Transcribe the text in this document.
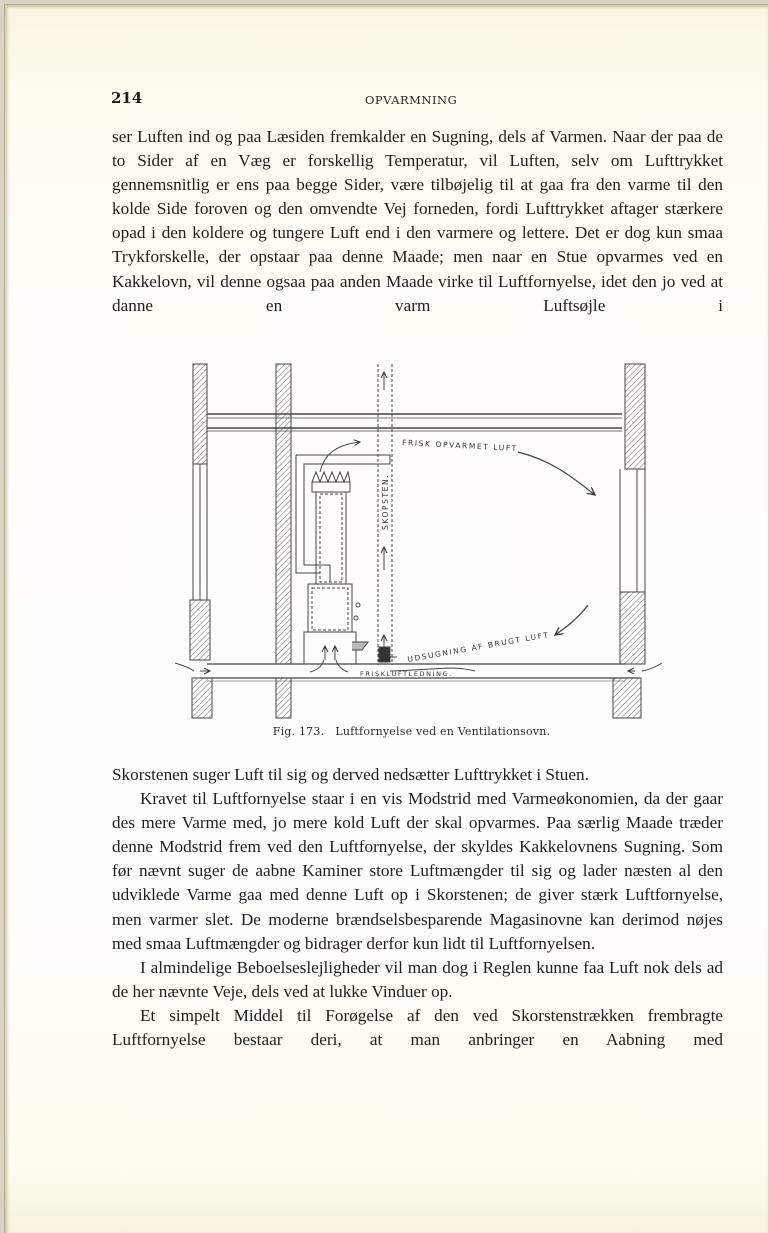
214	OPVARMNING

ser Luften ind og paa Læsiden fremkalder en Sugning, dels af Varmen. Naar der paa de to Sider af en Væg er forskellig Temperatur, vil Luften, selv om Lufttrykket gennemsnitlig er ens paa begge Sider, være tilbøjelig til at gaa fra den varme til den kolde Side foroven og den omvendte Vej forneden, fordi Lufttrykket aftager stærkere opad i den koldere og tungere Luft end i den varmere og lettere. Det er dog kun smaa Trykforskelle, der opstaar paa denne Maade; men naar en Stue opvarmes ved en Kakkelovn, vil denne ogsaa paa anden Maade virke til Luftfornyelse, idet den jo ved at danne en varm Luftsøjle i

FRISK OPVARMET LUFT
SKOPSTEN.
UDSUGNING AF BRUGT LUFT
FRISKLUFTLEDNING.
Fig. 173. Luftfornyelse ved en Ventilationsovn.

Skorstenen suger Luft til sig og derved nedsætter Lufttrykket i Stuen.

Kravet til Luftfornyelse staar i en vis Modstrid med Varmeøkonomien, da der gaar des mere Varme med, jo mere kold Luft der skal opvarmes. Paa særlig Maade træder denne Modstrid frem ved den Luftfornyelse, der skyldes Kakkelovnens Sugning. Som før nævnt suger de aabne Kaminer store Luftmængder til sig og lader næsten al den udviklede Varme gaa med denne Luft op i Skorstenen; de giver stærk Luftfornyelse, men varmer slet. De moderne brændselsbesparende Magasinovne kan derimod nøjes med smaa Luftmængder og bidrager derfor kun lidt til Luftfornyelsen.

I almindelige Beboelseslejligheder vil man dog i Reglen kunne faa Luft nok dels ad de her nævnte Veje, dels ved at lukke Vinduer op.

Et simpelt Middel til Forøgelse af den ved Skorstenstrækken frembragte Luftfornyelse bestaar deri, at man anbringer en Aabning med
